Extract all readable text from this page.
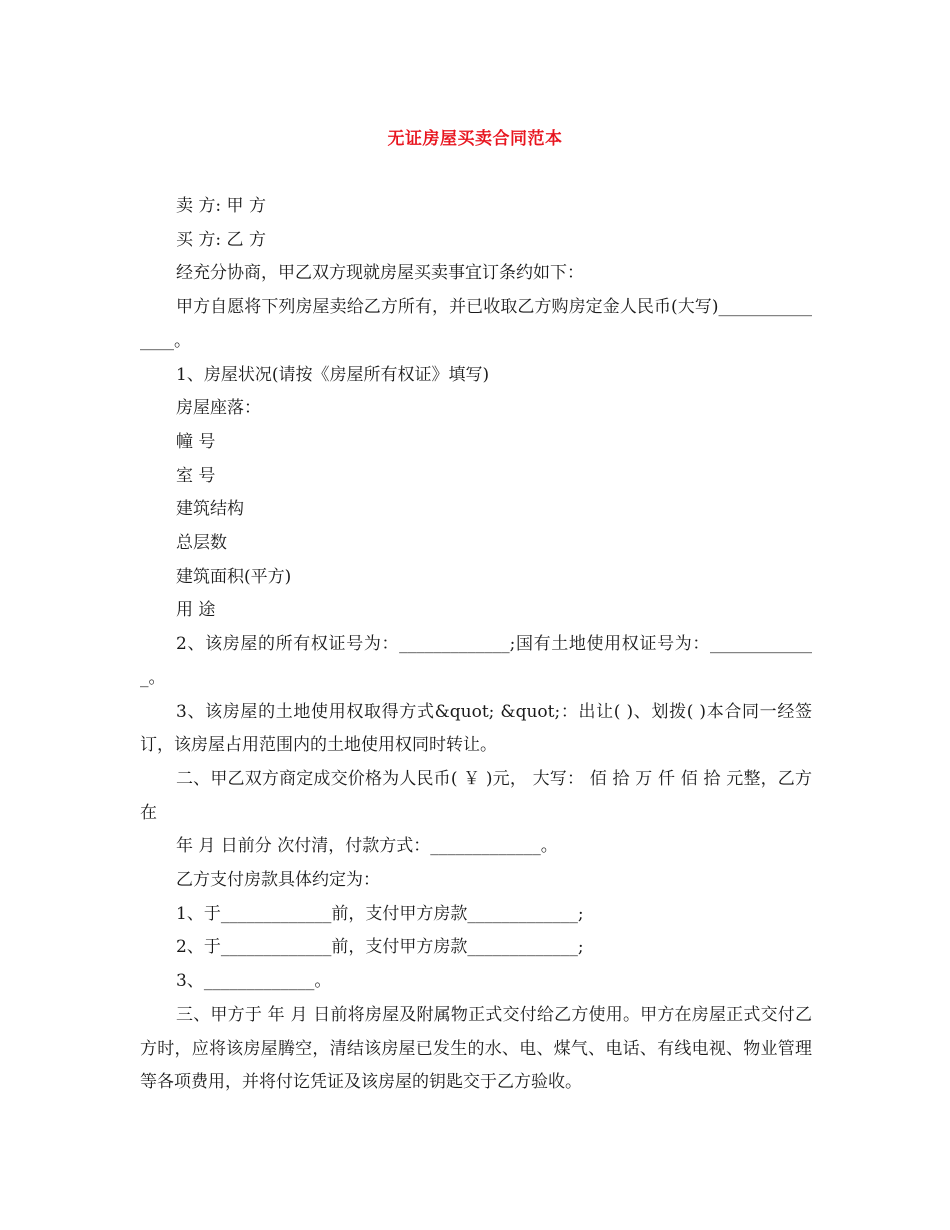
无证房屋买卖合同范本

卖 方: 甲 方

买 方: 乙 方

经充分协商，甲乙双方现就房屋买卖事宜订条约如下：

甲方自愿将下列房屋卖给乙方所有，并已收取乙方购房定金人民币(大写)_______________。

1、房屋状况(请按《房屋所有权证》填写)

房屋座落：

幢 号

室 号

建筑结构

总层数

建筑面积(平方)

用 途

2、该房屋的所有权证号为：_____________;国有土地使用权证号为：_____________。

3、该房屋的土地使用权取得方式&quot; &quot;：出让( )、划拨( )本合同一经签订，该房屋占用范围内的土地使用权同时转让。

二、甲乙双方商定成交价格为人民币( ￥ )元， 大写： 佰 拾 万 仟 佰 拾 元整，乙方在

年 月 日前分 次付清，付款方式：_____________。

乙方支付房款具体约定为：

1、于_____________前，支付甲方房款_____________;

2、于_____________前，支付甲方房款_____________;

3、_____________。

三、甲方于 年 月 日前将房屋及附属物正式交付给乙方使用。甲方在房屋正式交付乙方时，应将该房屋腾空，清结该房屋已发生的水、电、煤气、电话、有线电视、物业管理等各项费用，并将付讫凭证及该房屋的钥匙交于乙方验收。
